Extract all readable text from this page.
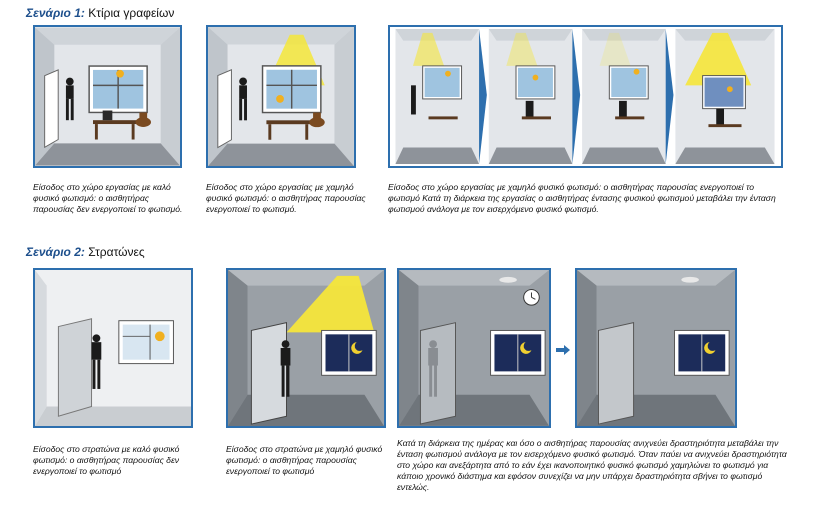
Σενάριο 1: Κτίρια γραφείων
Είσοδος στο χώρο εργασίας με καλό φυσικό φωτισμό: ο αισθητήρας παρουσίας δεν ενεργοποιεί το φωτισμό.
Είσοδος στο χώρο εργασίας με χαμηλό φυσικό φωτισμό: ο αισθητήρας παρουσίας ενεργοποιεί το φωτισμό.
Είσοδος στο χώρο εργασίας με χαμηλό φυσικό φωτισμό: ο αισθητήρας παρουσίας ενεργοποιεί το φωτισμό Κατά τη διάρκεια της εργασίας ο αισθητήρας έντασης φυσικού φωτισμού μεταβάλει την ένταση φωτισμού ανάλογα με τον εισερχόμενο φυσικό φωτισμό.
Σενάριο 2: Στρατώνες
Είσοδος στο στρατώνα με καλό φυσικό φωτισμό: ο αισθητήρας παρουσίας δεν ενεργοποιεί το φωτισμό
Είσοδος στο στρατώνα με χαμηλό φυσικό φωτισμό: ο αισθητήρας παρουσίας ενεργοποιεί το φωτισμό
Κατά τη διάρκεια της ημέρας και όσο ο αισθητήρας παρουσίας ανιχνεύει δραστηριότητα μεταβάλει την ένταση φωτισμού ανάλογα με τον εισερχόμενο φυσικό φωτισμό. Όταν παύει να ανιχνεύει δραστηριότητα στο χώρο και ανεξάρτητα από το εάν έχει ικανοποιητικό φυσικό φωτισμό χαμηλώνει το φωτισμό για κάποιο χρονικό διάστημα και εφόσον συνεχίζει να μην υπάρχει δραστηριότητα σβήνει το φωτισμό εντελώς.
